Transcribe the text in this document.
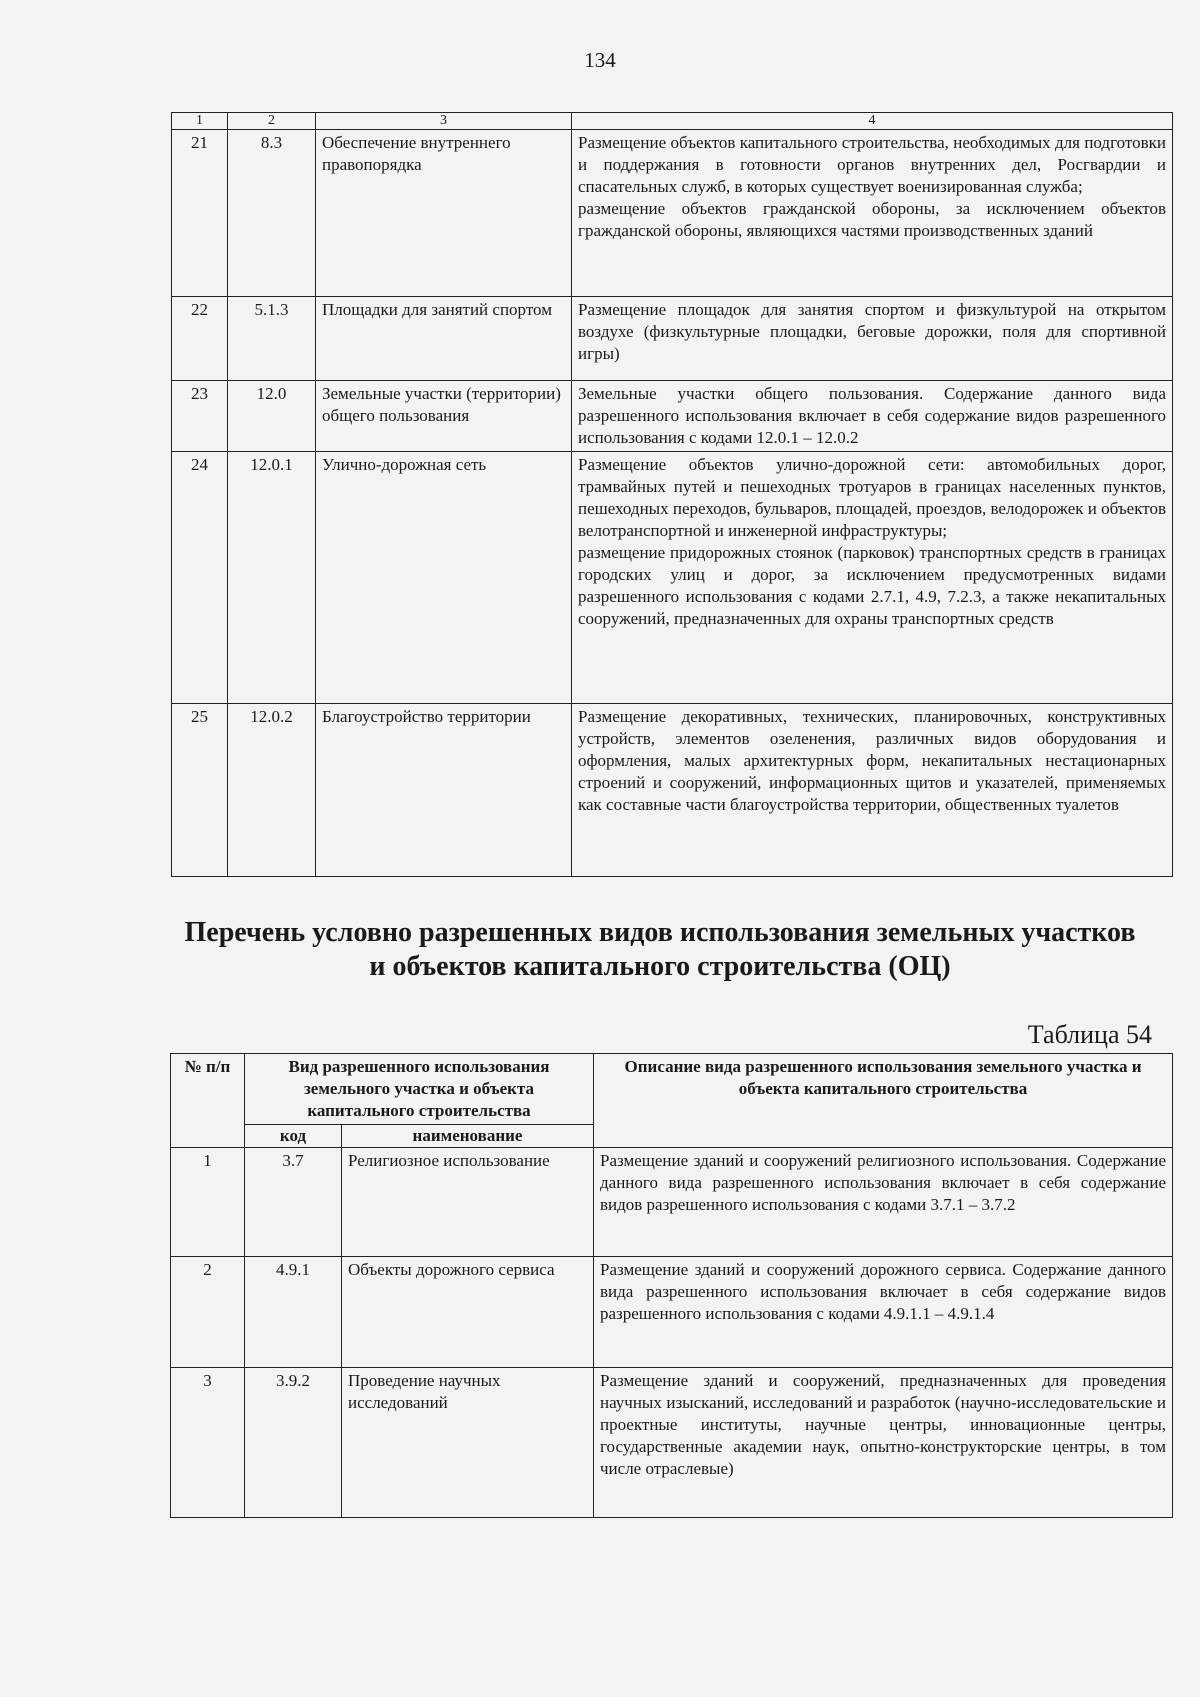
134
1	2	3	4
21	8.3	Обеспечение внутреннего правопорядка	Размещение объектов капитального строительства, необходимых для подготовки и поддержания в готовности органов внутренних дел, Росгвардии и спасательных служб, в которых существует военизированная служба;
размещение объектов гражданской обороны, за исключением объектов гражданской обороны, являющихся частями производственных зданий
22	5.1.3	Площадки для занятий спортом	Размещение площадок для занятия спортом и физкультурой на открытом воздухе (физкультурные площадки, беговые дорожки, поля для спортивной игры)
23	12.0	Земельные участки (территории) общего пользования	Земельные участки общего пользования. Содержание данного вида разрешенного использования включает в себя содержание видов разрешенного использования с кодами 12.0.1 – 12.0.2
24	12.0.1	Улично-дорожная сеть	Размещение объектов улично-дорожной сети: автомобильных дорог, трамвайных путей и пешеходных тротуаров в границах населенных пунктов, пешеходных переходов, бульваров, площадей, проездов, велодорожек и объектов велотранспортной и инженерной инфраструктуры;
размещение придорожных стоянок (парковок) транспортных средств в границах городских улиц и дорог, за исключением предусмотренных видами разрешенного использования с кодами 2.7.1, 4.9, 7.2.3, а также некапитальных сооружений, предназначенных для охраны транспортных средств
25	12.0.2	Благоустройство территории	Размещение декоративных, технических, планировочных, конструктивных устройств, элементов озеленения, различных видов оборудования и оформления, малых архитектурных форм, некапитальных нестационарных строений и сооружений, информационных щитов и указателей, применяемых как составные части благоустройства территории, общественных туалетов
Перечень условно разрешенных видов использования земельных участков
и объектов капитального строительства (ОЦ)
Таблица 54
№ п/п	Вид разрешенного использования земельного участка и объекта капитального строительства		Описание вида разрешенного использования земельного участка и объекта капитального строительства
	код	наименование	
1	3.7	Религиозное использование	Размещение зданий и сооружений религиозного использования. Содержание данного вида разрешенного использования включает в себя содержание видов разрешенного использования с кодами 3.7.1 – 3.7.2
2	4.9.1	Объекты дорожного сервиса	Размещение зданий и сооружений дорожного сервиса. Содержание данного вида разрешенного использования включает в себя содержание видов разрешенного использования с кодами 4.9.1.1 – 4.9.1.4
3	3.9.2	Проведение научных исследований	Размещение зданий и сооружений, предназначенных для проведения научных изысканий, исследований и разработок (научно-исследовательские и проектные институты, научные центры, инновационные центры, государственные академии наук, опытно-конструкторские центры, в том числе отраслевые)
